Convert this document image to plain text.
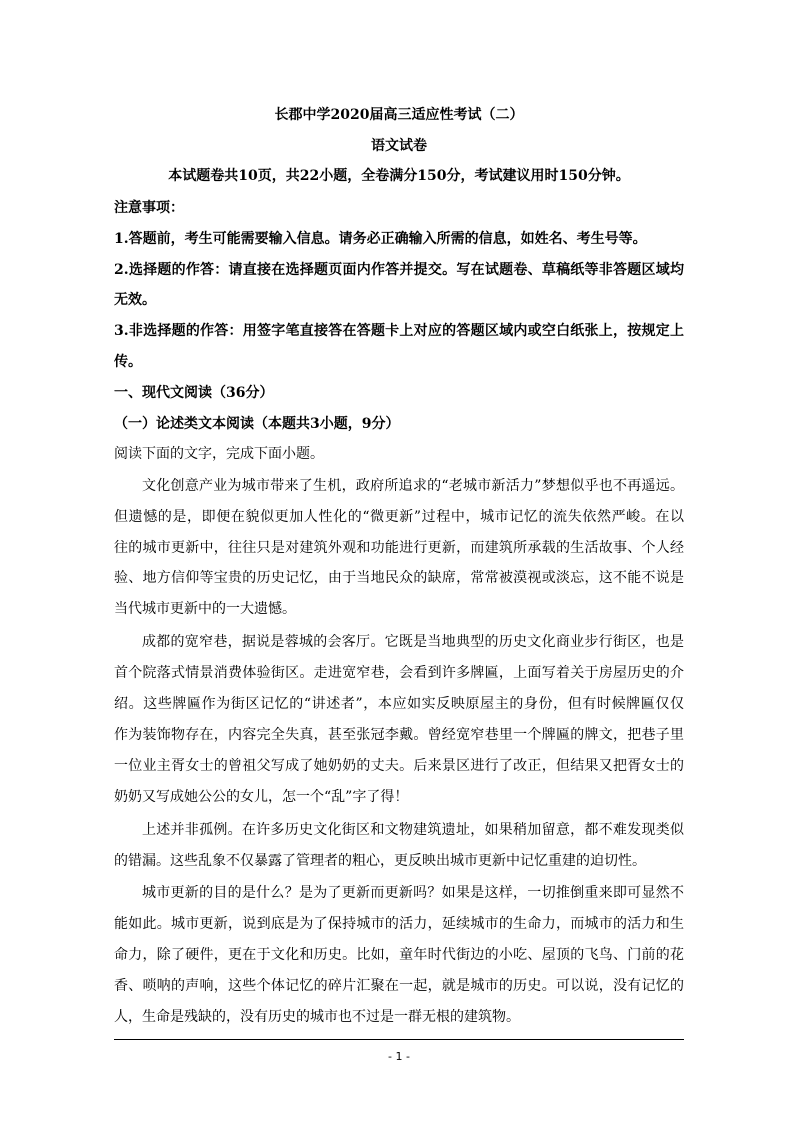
长郡中学2020届高三适应性考试（二）
语文试卷
本试题卷共10页，共22小题，全卷满分150分，考试建议用时150分钟。
注意事项：
1.答题前，考生可能需要输入信息。请务必正确输入所需的信息，如姓名、考生号等。
2.选择题的作答：请直接在选择题页面内作答并提交。写在试题卷、草稿纸等非答题区域均
无效。
3.非选择题的作答：用签字笔直接答在答题卡上对应的答题区域内或空白纸张上，按规定上
传。
一、现代文阅读（36分）
（一）论述类文本阅读（本题共3小题，9分）
阅读下面的文字，完成下面小题。
文化创意产业为城市带来了生机，政府所追求的“老城市新活力”梦想似乎也不再遥远。
但遗憾的是，即便在貌似更加人性化的“微更新”过程中，城市记忆的流失依然严峻。在以
往的城市更新中，往往只是对建筑外观和功能进行更新，而建筑所承载的生活故事、个人经
验、地方信仰等宝贵的历史记忆，由于当地民众的缺席，常常被漠视或淡忘，这不能不说是
当代城市更新中的一大遗憾。
成都的宽窄巷，据说是蓉城的会客厅。它既是当地典型的历史文化商业步行街区，也是
首个院落式情景消费体验街区。走进宽窄巷，会看到许多牌匾，上面写着关于房屋历史的介
绍。这些牌匾作为街区记忆的“讲述者”，本应如实反映原屋主的身份，但有时候牌匾仅仅
作为装饰物存在，内容完全失真，甚至张冠李戴。曾经宽窄巷里一个牌匾的牌文，把巷子里
一位业主胥女士的曾祖父写成了她奶奶的丈夫。后来景区进行了改正，但结果又把胥女士的
奶奶又写成她公公的女儿，怎一个“乱”字了得！
上述并非孤例。在许多历史文化街区和文物建筑遗址，如果稍加留意，都不难发现类似
的错漏。这些乱象不仅暴露了管理者的粗心，更反映出城市更新中记忆重建的迫切性。
城市更新的目的是什么？是为了更新而更新吗？如果是这样，一切推倒重来即可显然不
能如此。城市更新，说到底是为了保持城市的活力，延续城市的生命力，而城市的活力和生
命力，除了硬件，更在于文化和历史。比如，童年时代街边的小吃、屋顶的飞鸟、门前的花
香、唢呐的声响，这些个体记忆的碎片汇聚在一起，就是城市的历史。可以说，没有记忆的
人，生命是残缺的，没有历史的城市也不过是一群无根的建筑物。
- 1 -
